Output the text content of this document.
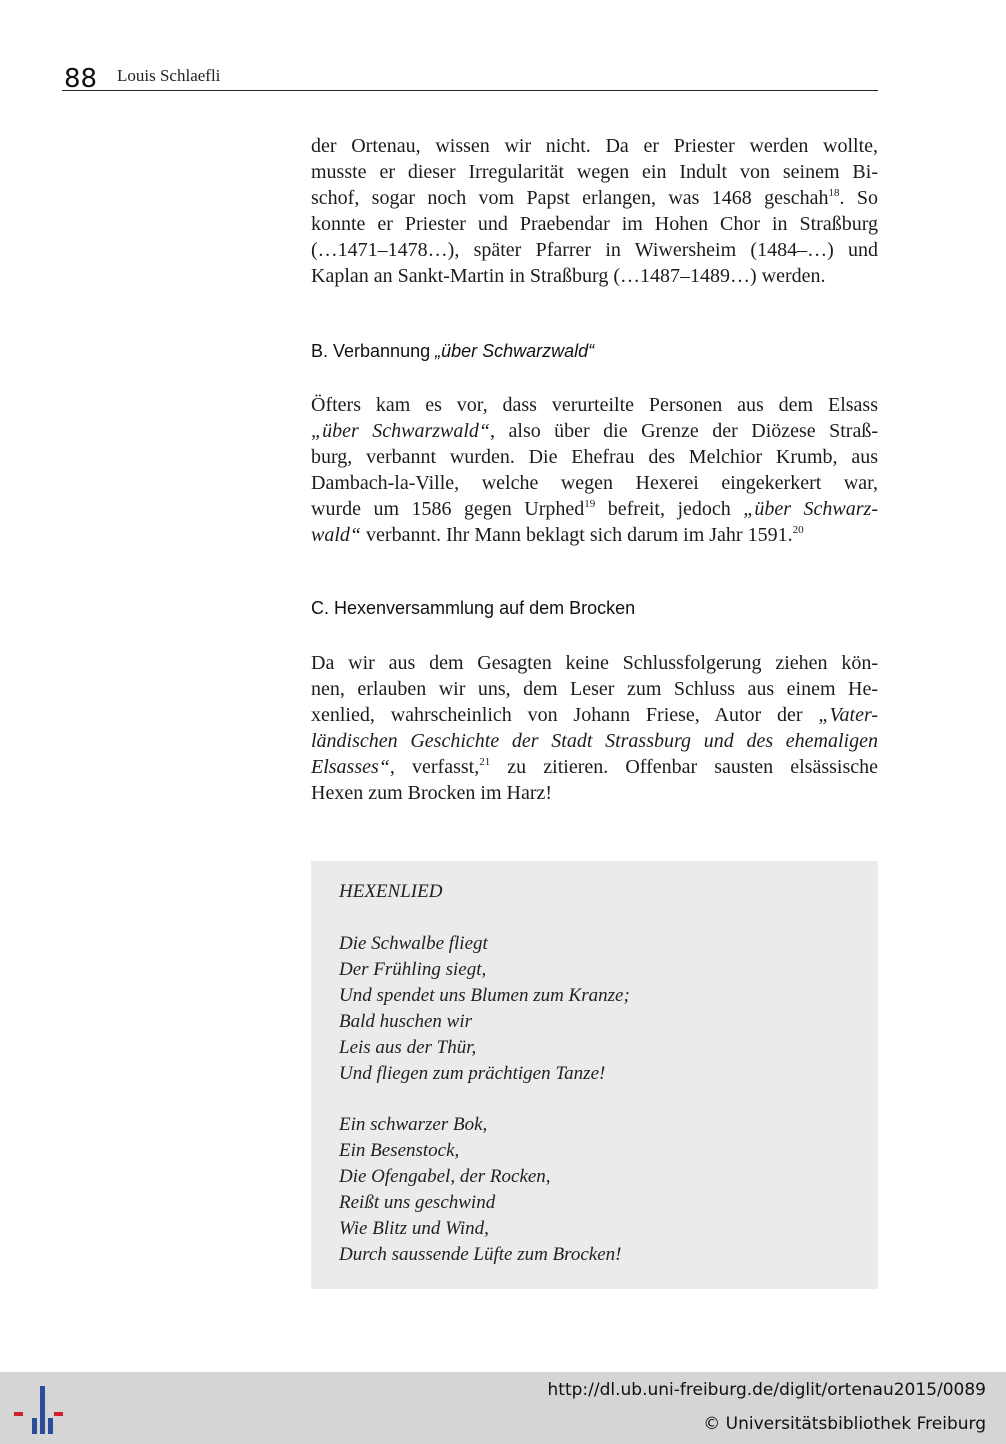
88 Louis Schlaefli
der Ortenau, wissen wir nicht. Da er Priester werden wollte,
musste er dieser Irregularität wegen ein Indult von seinem Bi-
schof, sogar noch vom Papst erlangen, was 1468 geschah$^{18}$. So
konnte er Priester und Praebendar im Hohen Chor in Straßburg
(…1471–1478…), später Pfarrer in Wiwersheim (1484–…) und
Kaplan an Sankt-Martin in Straßburg (…1487–1489…) werden.
B. Verbannung „über Schwarzwald“
Öfters kam es vor, dass verurteilte Personen aus dem Elsass
„über Schwarzwald“, also über die Grenze der Diözese Straß-
burg, verbannt wurden. Die Ehefrau des Melchior Krumb, aus
Dambach-la-Ville, welche wegen Hexerei eingekerkert war,
wurde um 1586 gegen Urphed$^{19}$ befreit, jedoch „über Schwarz-
wald“ verbannt. Ihr Mann beklagt sich darum im Jahr 1591.20
C. Hexenversammlung auf dem Brocken
Da wir aus dem Gesagten keine Schlussfolgerung ziehen kön-
nen, erlauben wir uns, dem Leser zum Schluss aus einem He-
xenlied, wahrscheinlich von Johann Friese, Autor der „Vater-
ländischen Geschichte der Stadt Strassburg und des ehemaligen
Elsasses“, verfasst,$^{21}$ zu zitieren. Offenbar sausten elsässische
Hexen zum Brocken im Harz!
HEXENLIED
Die Schwalbe fliegt
Der Frühling siegt,
Und spendet uns Blumen zum Kranze;
Bald huschen wir
Leis aus der Thür,
Und fliegen zum prächtigen Tanze!
Ein schwarzer Bok,
Ein Besenstock,
Die Ofengabel, der Rocken,
Reißt uns geschwind
Wie Blitz und Wind,
Durch saussende Lüfte zum Brocken!
http://dl.ub.uni-freiburg.de/diglit/ortenau2015/0089
© Universitätsbibliothek Freiburg
